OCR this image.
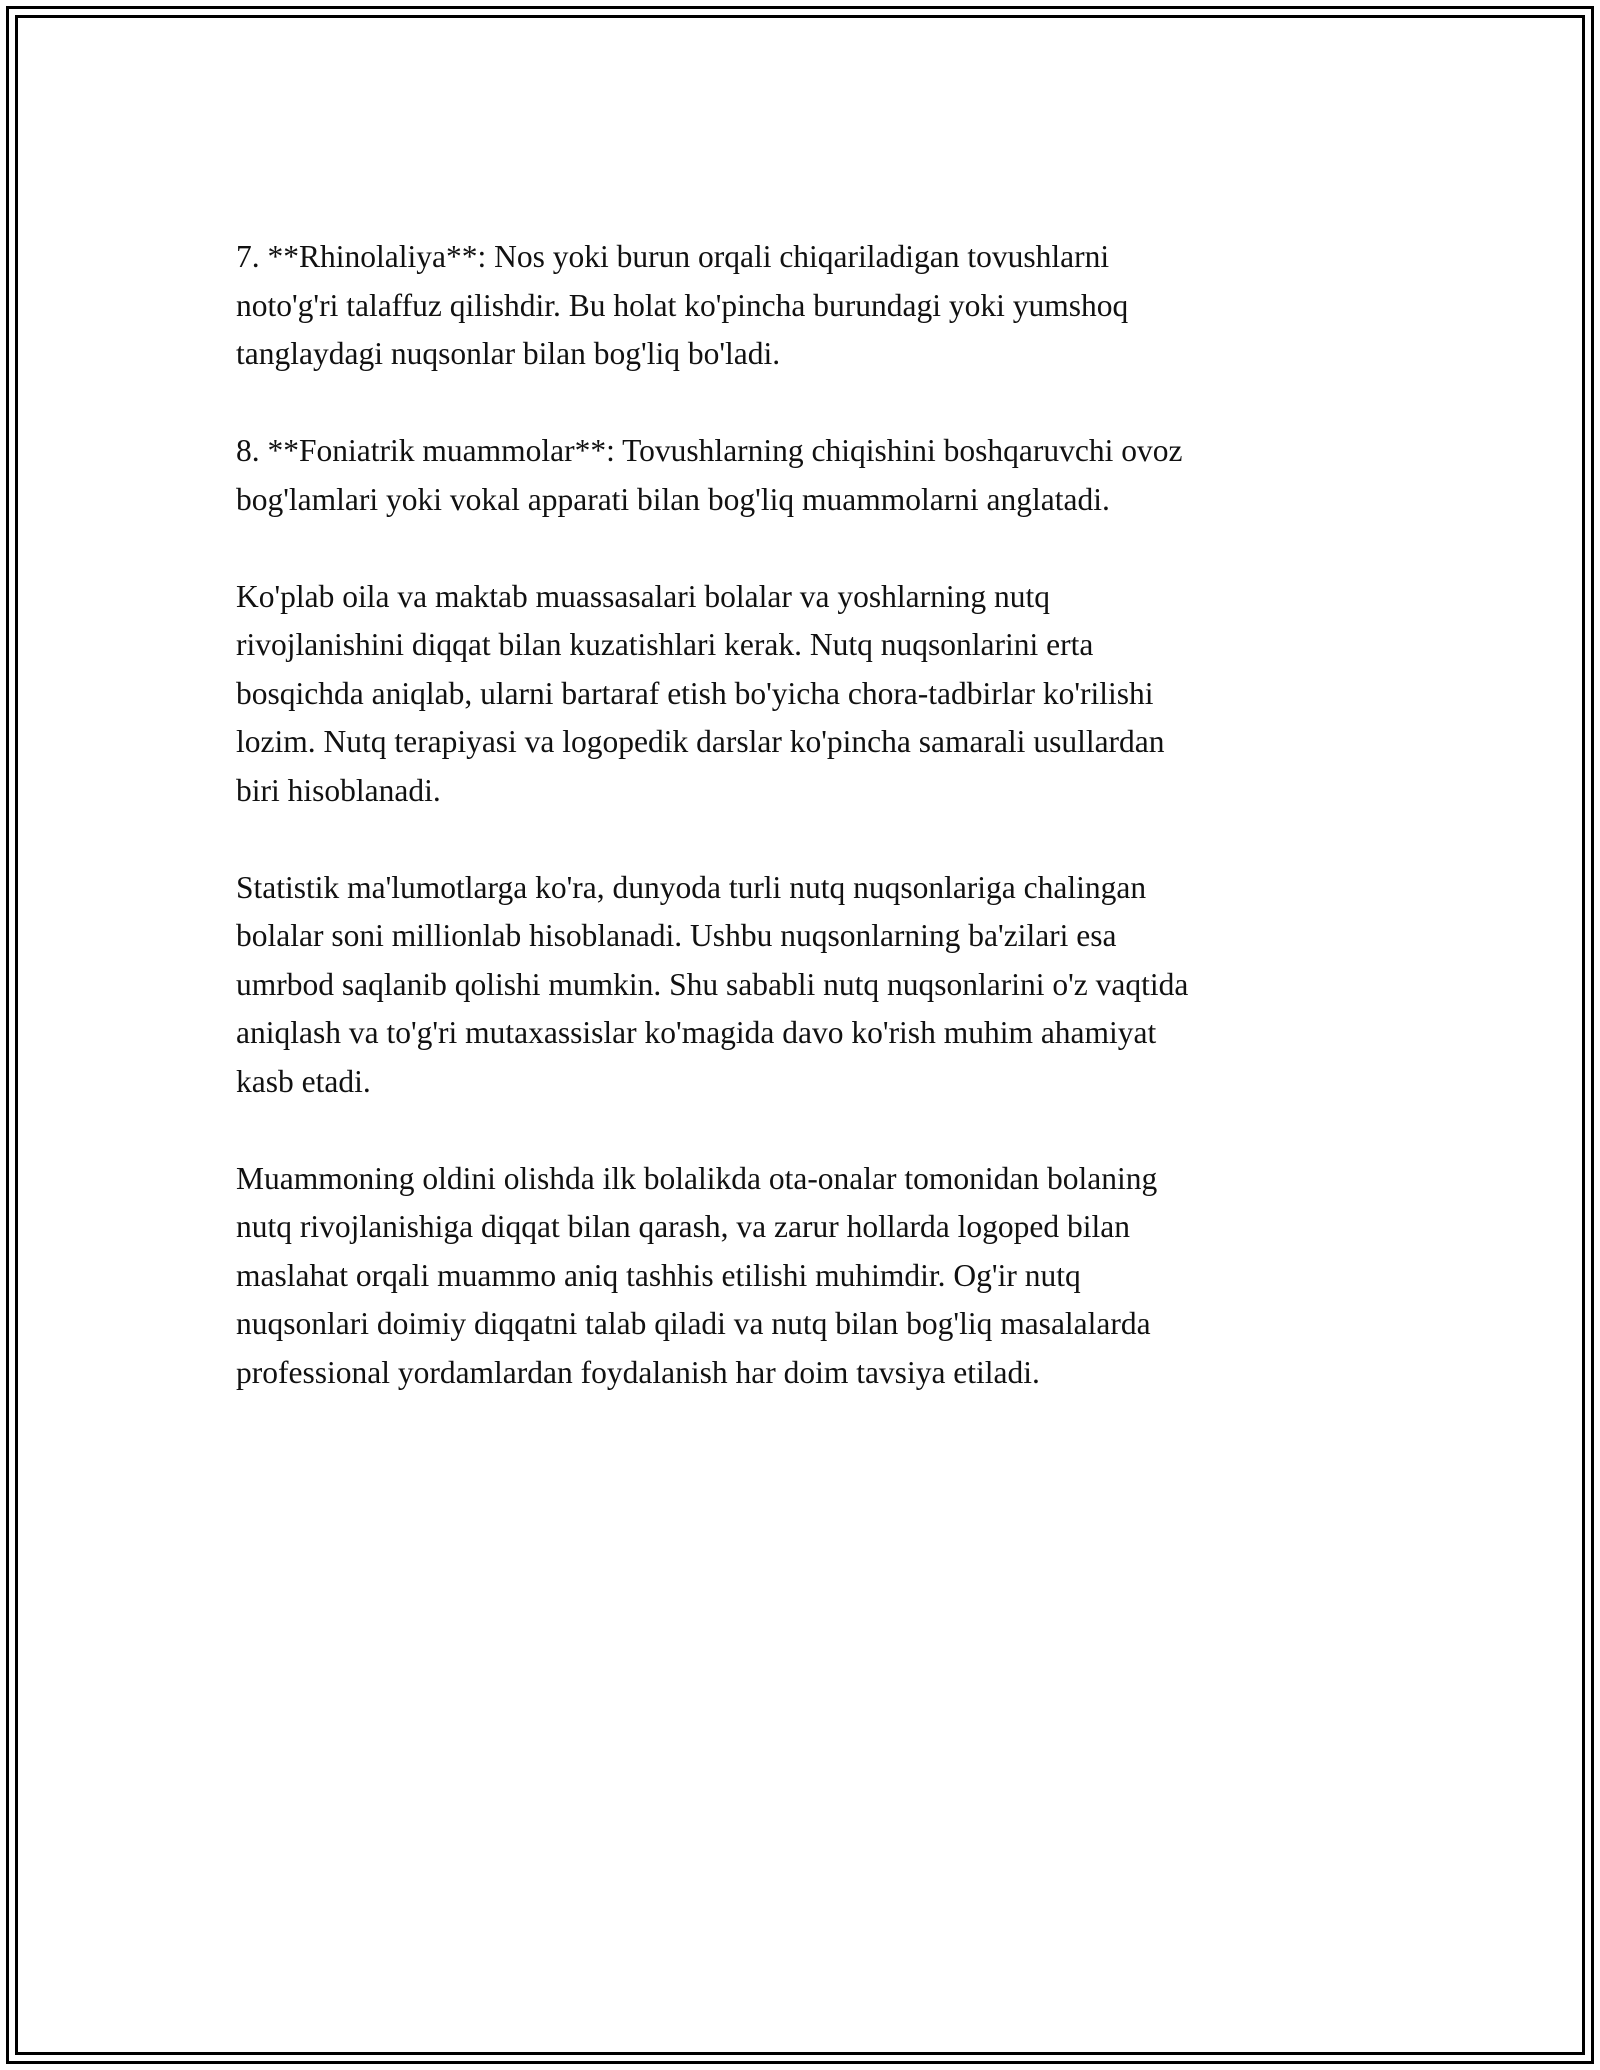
7. **Rhinolaliya**: Nos yoki burun orqali chiqariladigan tovushlarni
noto'g'ri talaffuz qilishdir. Bu holat ko'pincha burundagi yoki yumshoq
tanglaydagi nuqsonlar bilan bog'liq bo'ladi.

8. **Foniatrik muammolar**: Tovushlarning chiqishini boshqaruvchi ovoz
bog'lamlari yoki vokal apparati bilan bog'liq muammolarni anglatadi.

Ko'plab oila va maktab muassasalari bolalar va yoshlarning nutq
rivojlanishini diqqat bilan kuzatishlari kerak. Nutq nuqsonlarini erta
bosqichda aniqlab, ularni bartaraf etish bo'yicha chora-tadbirlar ko'rilishi
lozim. Nutq terapiyasi va logopedik darslar ko'pincha samarali usullardan
biri hisoblanadi.

Statistik ma'lumotlarga ko'ra, dunyoda turli nutq nuqsonlariga chalingan
bolalar soni millionlab hisoblanadi. Ushbu nuqsonlarning ba'zilari esa
umrbod saqlanib qolishi mumkin. Shu sababli nutq nuqsonlarini o'z vaqtida
aniqlash va to'g'ri mutaxassislar ko'magida davo ko'rish muhim ahamiyat
kasb etadi.

Muammoning oldini olishda ilk bolalikda ota-onalar tomonidan bolaning
nutq rivojlanishiga diqqat bilan qarash, va zarur hollarda logoped bilan
maslahat orqali muammo aniq tashhis etilishi muhimdir. Og'ir nutq
nuqsonlari doimiy diqqatni talab qiladi va nutq bilan bog'liq masalalarda
professional yordamlardan foydalanish har doim tavsiya etiladi.
